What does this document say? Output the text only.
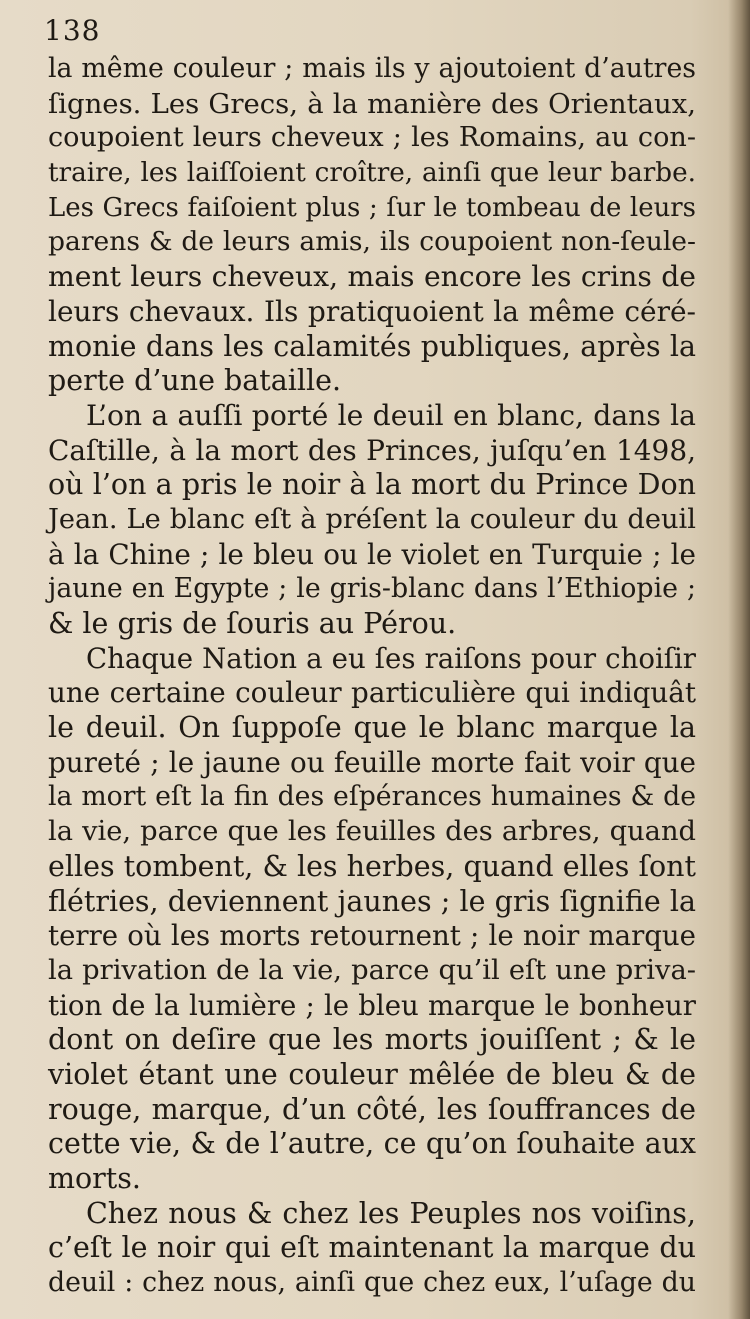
138
la même couleur ; mais ils y ajoutoient d’autres
ſignes. Les Grecs, à la manière des Orientaux,
coupoient leurs cheveux ; les Romains, au con-
traire, les laiſſoient croître, ainſi que leur barbe.
Les Grecs faiſoient plus ; ſur le tombeau de leurs
parens & de leurs amis, ils coupoient non-ſeule-
ment leurs cheveux, mais encore les crins de
leurs chevaux. Ils pratiquoient la même céré-
monie dans les calamités publiques, après la
perte d’une bataille.
L’on a auſſi porté le deuil en blanc, dans la
Caſtille, à la mort des Princes, juſqu’en 1498,
où l’on a pris le noir à la mort du Prince Don
Jean. Le blanc eſt à préſent la couleur du deuil
à la Chine ; le bleu ou le violet en Turquie ; le
jaune en Egypte ; le gris-blanc dans l’Ethiopie ;
& le gris de ſouris au Pérou.
Chaque Nation a eu ſes raiſons pour choiſir
une certaine couleur particulière qui indiquât
le deuil. On ſuppoſe que le blanc marque la
pureté ; le jaune ou feuille morte fait voir que
la mort eſt la fin des eſpérances humaines & de
la vie, parce que les feuilles des arbres, quand
elles tombent, & les herbes, quand elles ſont
flétries, deviennent jaunes ; le gris ſignifie la
terre où les morts retournent ; le noir marque
la privation de la vie, parce qu’il eſt une priva-
tion de la lumière ; le bleu marque le bonheur
dont on deſire que les morts jouiſſent ; & le
violet étant une couleur mêlée de bleu & de
rouge, marque, d’un côté, les ſouffrances de
cette vie, & de l’autre, ce qu’on ſouhaite aux
morts.
Chez nous & chez les Peuples nos voiſins,
c’eſt le noir qui eſt maintenant la marque du
deuil : chez nous, ainſi que chez eux, l’uſage du
